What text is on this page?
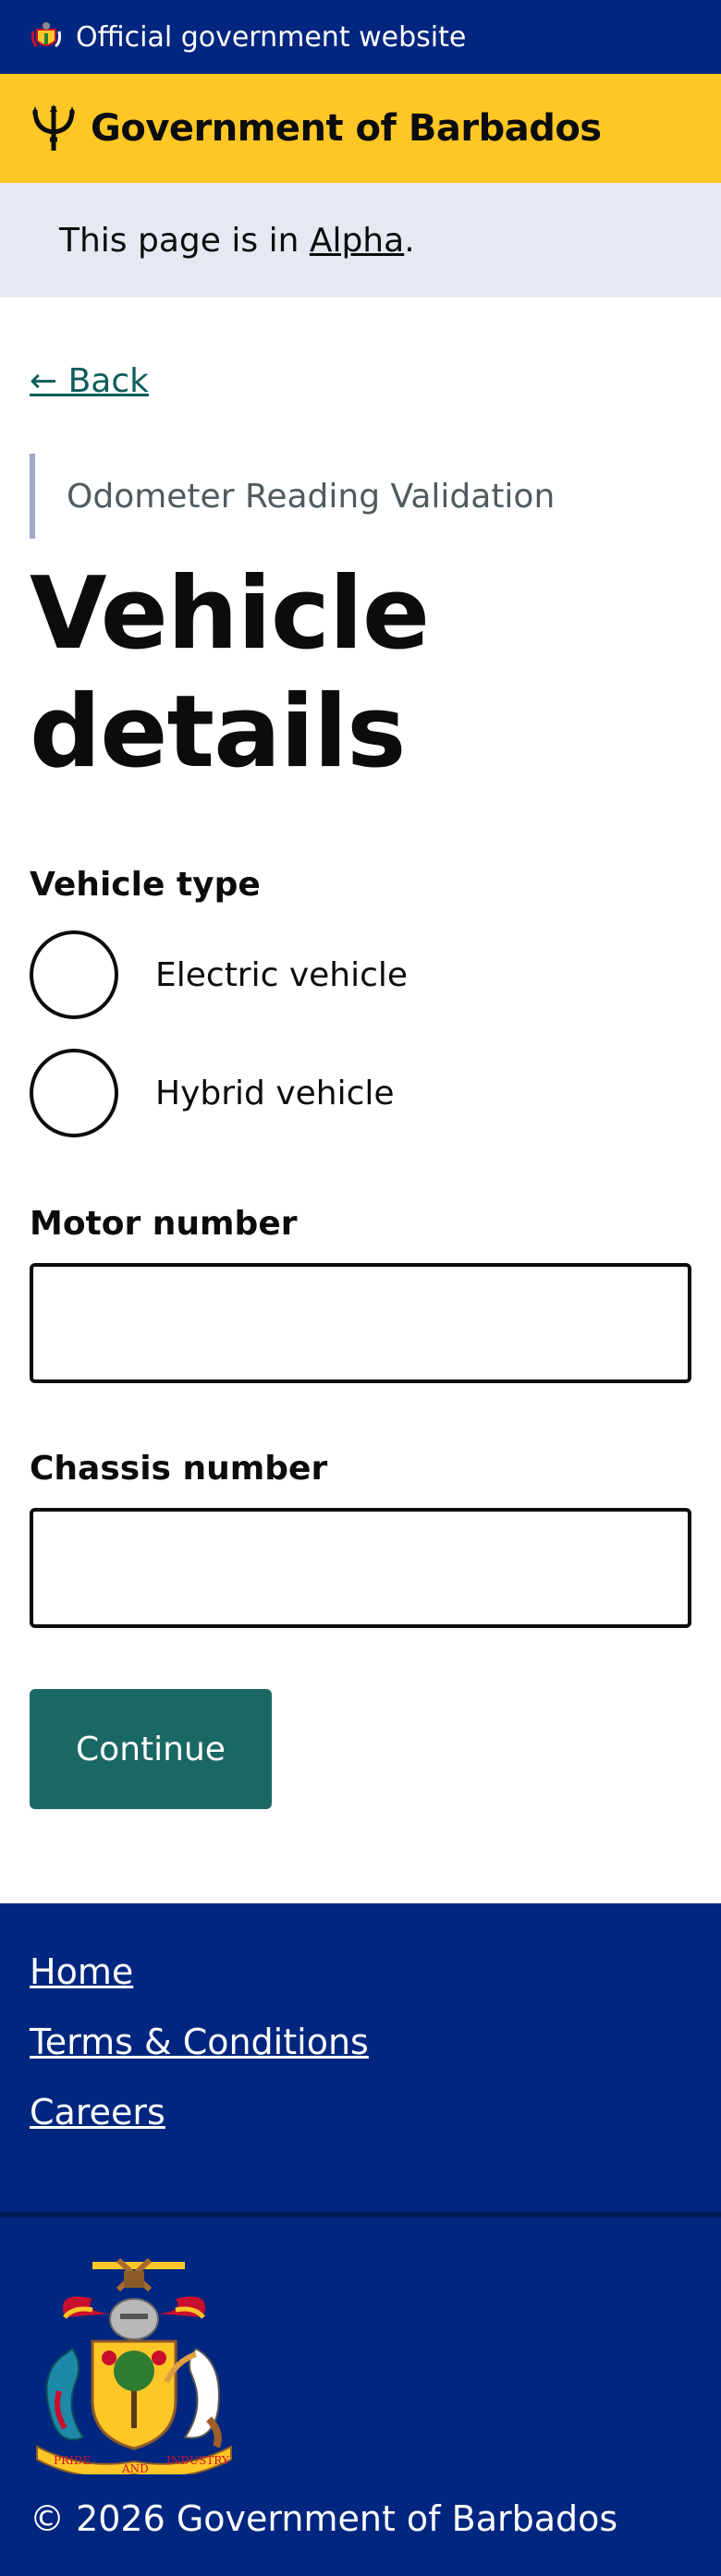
Official government website
Government of Barbados
This page is in Alpha .
← Back
Odometer Reading Validation
Vehicle
details
Vehicle type
Electric vehicle
Hybrid vehicle
Motor number
Chassis number
Continue
Home
Terms & Conditions
Careers
PRIDE
AND
INDUSTRY
© 2026 Government of Barbados
